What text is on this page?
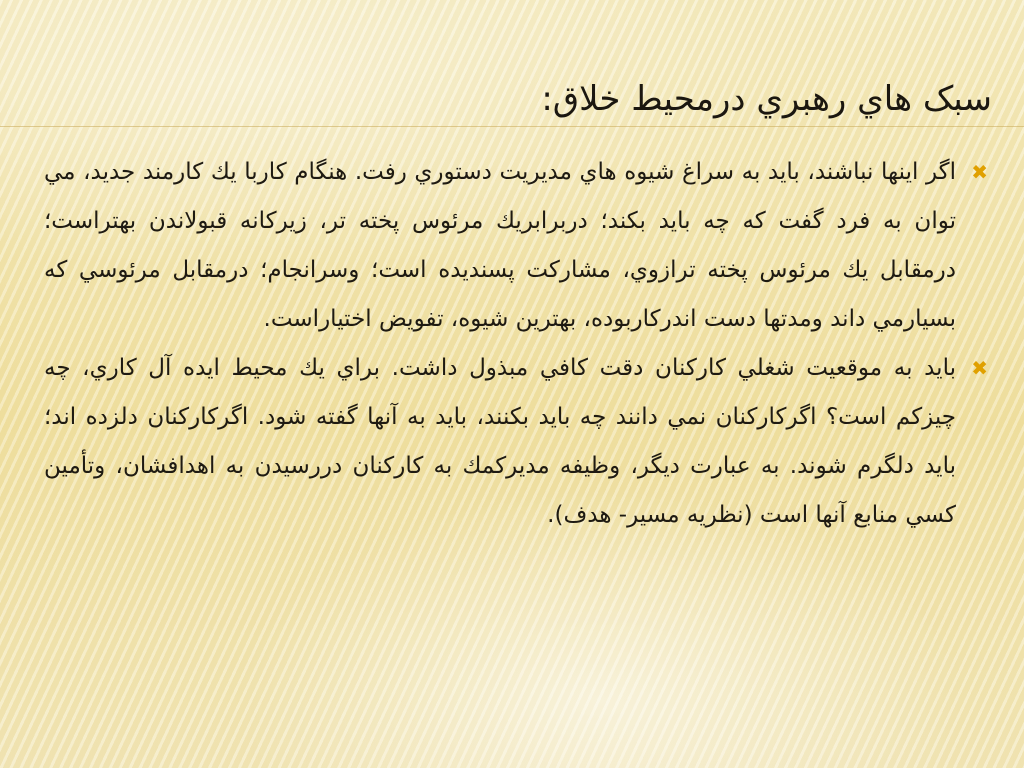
سبک هاي رهبري درمحيط خلاق:

✖
اگر اينها نباشند، بايد به سراغ شيوه هاي مديريت دستوري رفت. هنگام كاربا يك كارمند جديد، مي توان به فرد گفت كه چه بايد بكند؛ دربرابريك مرئوس پخته تر، زيركانه قبولاندن بهتراست؛ درمقابل يك مرئوس پخته ترازوي، مشاركت پسنديده است؛ وسرانجام؛ درمقابل مرئوسي كه بسيارمي داند ومدتها دست اندركاربوده، بهترين شيوه، تفويض اختياراست.

✖
بايد به موقعيت شغلي كاركنان دقت كافي مبذول داشت. براي يك محيط ايده آل كاري، چه چيزكم است؟ اگركاركنان نمي دانند چه بايد بكنند، بايد به آنها گفته شود. اگركاركنان دلزده اند؛ بايد دلگرم شوند. به عبارت ديگر، وظيفه مديركمك به كاركنان دررسيدن به اهدافشان، وتأمين كسي منابع آنها است (نظريه مسير- هدف).
